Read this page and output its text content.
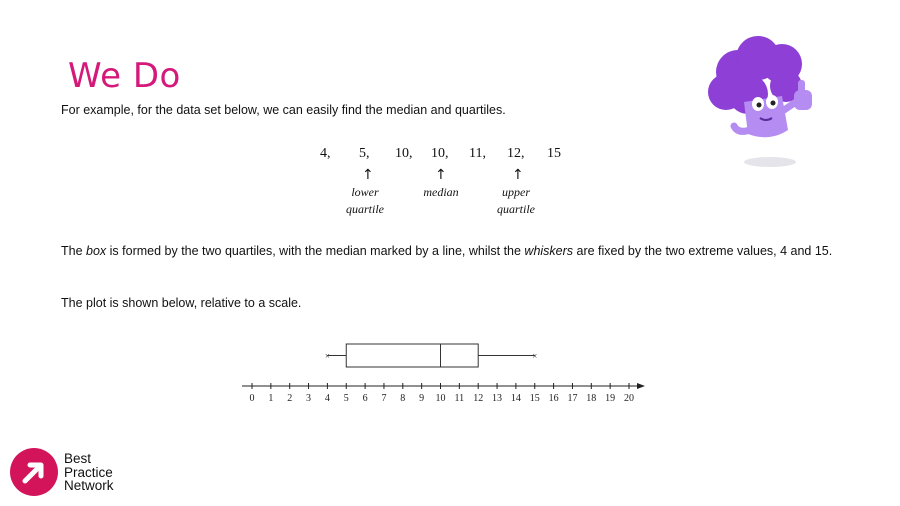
We Do

For example, for the data set below, we can easily find the median and quartiles.

4, 5, 10, 10, 11, 12, 15
↑	↑	↑
lower
quartile
median	upper
quartile

The box is formed by the two quartiles, with the median marked by a line, whilst the whiskers are fixed by the two extreme values, 4 and 15.

The plot is shown below, relative to a scale.

0 1 2 3 4 5 6 7 8 9 10 11 12 13 14 15 16 17 18 19 20
×	×
Best
Practice
Network
